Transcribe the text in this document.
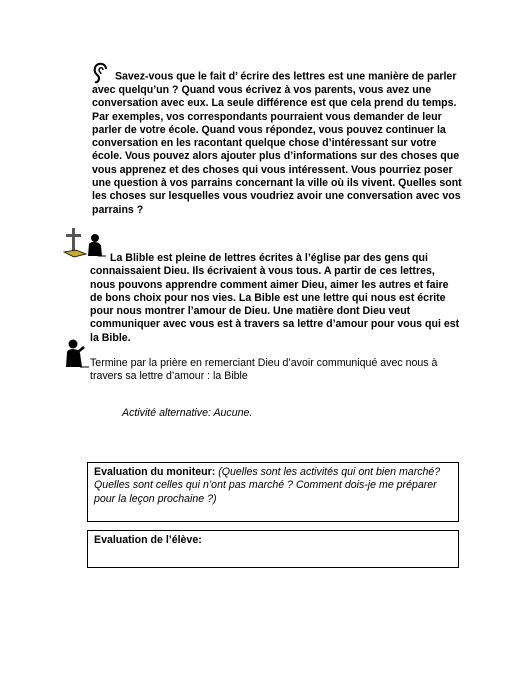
Savez-vous que le fait d’ écrire des lettres est une manière de parler avec quelqu’un ? Quand vous écrivez à vos parents, vous avez une conversation avec eux. La seule différence est que cela prend du temps. Par exemples, vos correspondants pourraient vous demander de leur parler de votre école. Quand vous répondez, vous pouvez continuer la conversation en les racontant quelque chose d’intéressant sur votre école. Vous pouvez alors ajouter plus d’informations sur des choses que vous apprenez et des choses qui vous intéressent. Vous pourriez poser une question à vos parrains concernant la ville où ils vivent. Quelles sont les choses sur lesquelles vous voudriez avoir une conversation avec vos parrains ?
La Blible est pleine de lettres écrites à l’église par des gens qui connaissaient Dieu. Ils écrivaient à vous tous. A partir de ces lettres, nous pouvons apprendre comment aimer Dieu, aimer les autres et faire de bons choix pour nos vies. La Bible est une lettre qui nous est écrite pour nous montrer l’amour de Dieu. Une matière dont Dieu veut communiquer avec vous est à travers sa lettre d’amour pour vous qui est la Bible.
Termine par la prière en remerciant Dieu d’avoir communiqué avec nous à travers sa lettre d’amour : la Bible
Activité alternative: Aucune.
Evaluation du moniteur: (Quelles sont les activités qui ont bien marché? Quelles sont celles qui n’ont pas marché ? Comment dois-je me préparer pour la leçon prochaine ?)
Evaluation de l’élève:
